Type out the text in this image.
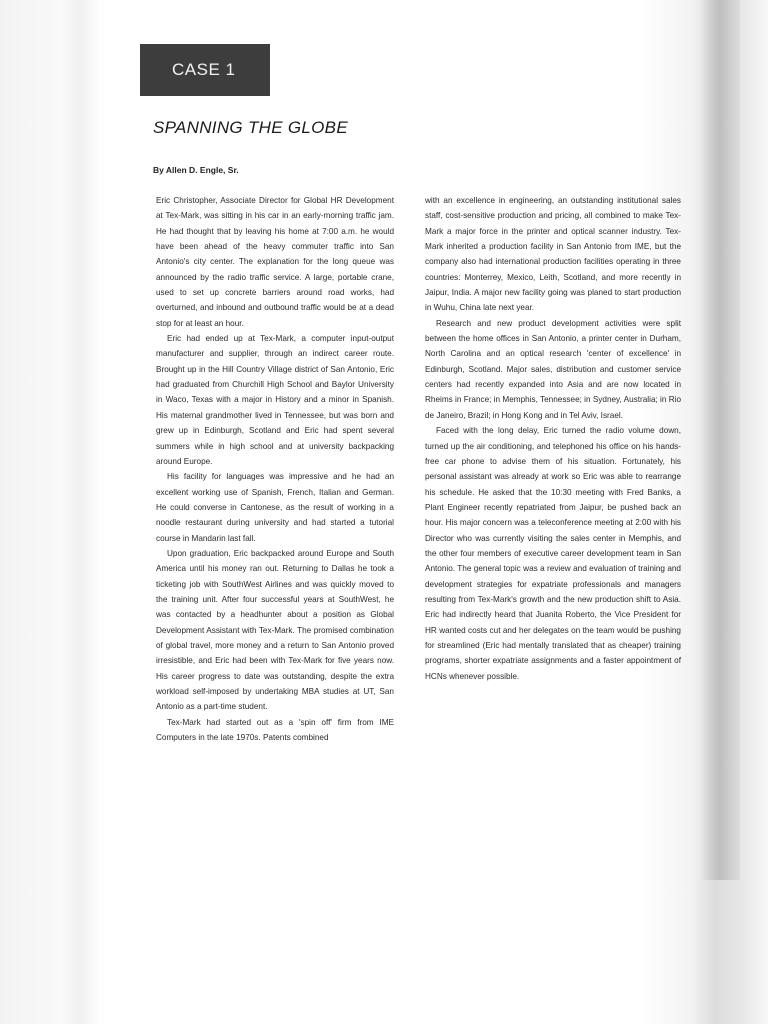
CASE 1
SPANNING THE GLOBE

By Allen D. Engle, Sr.

Eric Christopher, Associate Director for Global HR Development at Tex-Mark, was sitting in his car in an early-morning traffic jam. He had thought that by leaving his home at 7:00 a.m. he would have been ahead of the heavy commuter traffic into San Antonio's city center. The explanation for the long queue was announced by the radio traffic service. A large, portable crane, used to set up concrete barriers around road works, had overturned, and inbound and outbound traffic would be at a dead stop for at least an hour.

Eric had ended up at Tex-Mark, a computer input-output manufacturer and supplier, through an indirect career route. Brought up in the Hill Country Village district of San Antonio, Eric had graduated from Churchill High School and Baylor University in Waco, Texas with a major in History and a minor in Spanish. His maternal grandmother lived in Tennessee, but was born and grew up in Edinburgh, Scotland and Eric had spent several summers while in high school and at university backpacking around Europe.

His facility for languages was impressive and he had an excellent working use of Spanish, French, Italian and German. He could converse in Cantonese, as the result of working in a noodle restaurant during university and had started a tutorial course in Mandarin last fall.

Upon graduation, Eric backpacked around Europe and South America until his money ran out. Returning to Dallas he took a ticketing job with SouthWest Airlines and was quickly moved to the training unit. After four successful years at SouthWest, he was contacted by a headhunter about a position as Global Development Assistant with Tex-Mark. The promised combination of global travel, more money and a return to San Antonio proved irresistible, and Eric had been with Tex-Mark for five years now. His career progress to date was outstanding, despite the extra workload self-imposed by undertaking MBA studies at UT, San Antonio as a part-time student.

Tex-Mark had started out as a 'spin off' firm from IME Computers in the late 1970s. Patents combined

with an excellence in engineering, an outstanding institutional sales staff, cost-sensitive production and pricing, all combined to make Tex-Mark a major force in the printer and optical scanner industry. Tex-Mark inherited a production facility in San Antonio from IME, but the company also had international production facilities operating in three countries: Monterrey, Mexico, Leith, Scotland, and more recently in Jaipur, India. A major new facility going was planed to start production in Wuhu, China late next year.

Research and new product development activities were split between the home offices in San Antonio, a printer center in Durham, North Carolina and an optical research 'center of excellence' in Edinburgh, Scotland. Major sales, distribution and customer service centers had recently expanded into Asia and are now located in Rheims in France; in Memphis, Tennessee; in Sydney, Australia; in Rio de Janeiro, Brazil; in Hong Kong and in Tel Aviv, Israel.

Faced with the long delay, Eric turned the radio volume down, turned up the air conditioning, and telephoned his office on his hands-free car phone to advise them of his situation. Fortunately, his personal assistant was already at work so Eric was able to rearrange his schedule. He asked that the 10:30 meeting with Fred Banks, a Plant Engineer recently repatriated from Jaipur, be pushed back an hour. His major concern was a teleconference meeting at 2:00 with his Director who was currently visiting the sales center in Memphis, and the other four members of executive career development team in San Antonio. The general topic was a review and evaluation of training and development strategies for expatriate professionals and managers resulting from Tex-Mark's growth and the new production shift to Asia. Eric had indirectly heard that Juanita Roberto, the Vice President for HR wanted costs cut and her delegates on the team would be pushing for streamlined (Eric had mentally translated that as cheaper) training programs, shorter expatriate assignments and a faster appointment of HCNs whenever possible.
